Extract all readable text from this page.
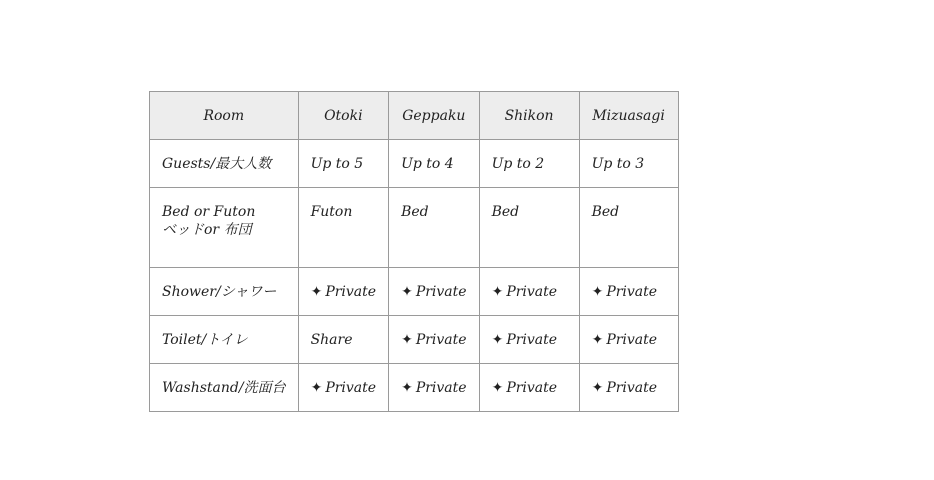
Room	Otoki	Geppaku	Shikon	Mizuasagi
Guests/最大人数	Up to 5	Up to 4	Up to 2	Up to 3

Bed or Futon
ベッドor 布団	Futon	Bed	Bed	Bed
Shower/シャワー	✦ Private	✦ Private	✦ Private	✦ Private
Toilet/トイレ	Share	✦ Private	✦ Private	✦ Private
Washstand/洗面台	✦ Private	✦ Private	✦ Private	✦ Private
